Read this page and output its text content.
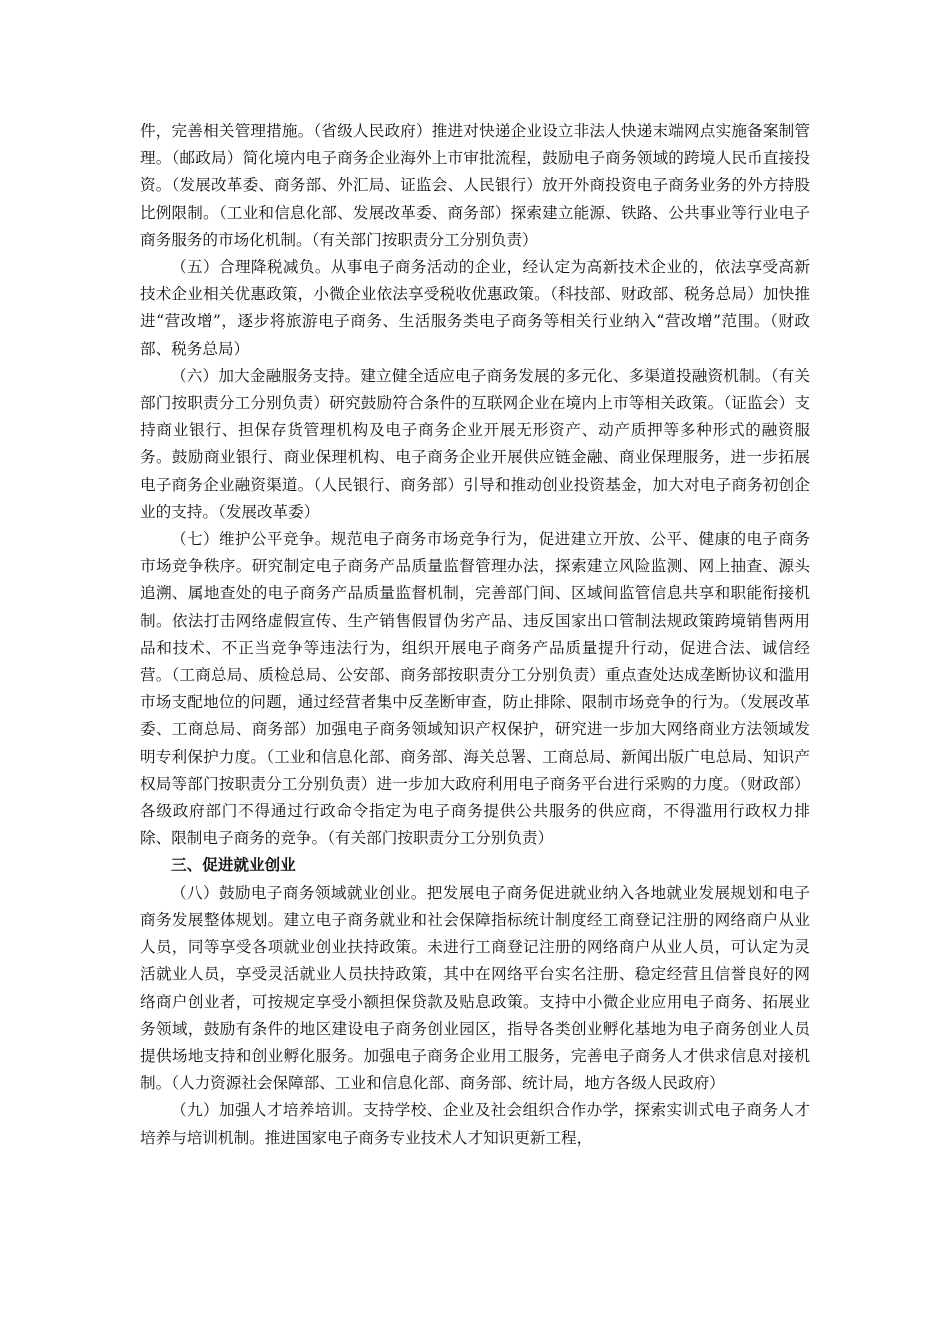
件，完善相关管理措施。（省级人民政府）推进对快递企业设立非法人快递末端网点实施备案制管理。（邮政局）简化境内电子商务企业海外上市审批流程，鼓励电子商务领域的跨境人民币直接投资。（发展改革委、商务部、外汇局、证监会、人民银行）放开外商投资电子商务业务的外方持股比例限制。（工业和信息化部、发展改革委、商务部）探索建立能源、铁路、公共事业等行业电子商务服务的市场化机制。（有关部门按职责分工分别负责）

（五）合理降税减负。从事电子商务活动的企业，经认定为高新技术企业的，依法享受高新技术企业相关优惠政策，小微企业依法享受税收优惠政策。（科技部、财政部、税务总局）加快推进“营改增”，逐步将旅游电子商务、生活服务类电子商务等相关行业纳入“营改增”范围。（财政部、税务总局）

（六）加大金融服务支持。建立健全适应电子商务发展的多元化、多渠道投融资机制。（有关部门按职责分工分别负责）研究鼓励符合条件的互联网企业在境内上市等相关政策。（证监会）支持商业银行、担保存货管理机构及电子商务企业开展无形资产、动产质押等多种形式的融资服务。鼓励商业银行、商业保理机构、电子商务企业开展供应链金融、商业保理服务，进一步拓展电子商务企业融资渠道。（人民银行、商务部）引导和推动创业投资基金，加大对电子商务初创企业的支持。（发展改革委）

（七）维护公平竞争。规范电子商务市场竞争行为，促进建立开放、公平、健康的电子商务市场竞争秩序。研究制定电子商务产品质量监督管理办法，探索建立风险监测、网上抽查、源头追溯、属地查处的电子商务产品质量监督机制，完善部门间、区域间监管信息共享和职能衔接机制。依法打击网络虚假宣传、生产销售假冒伪劣产品、违反国家出口管制法规政策跨境销售两用品和技术、不正当竞争等违法行为，组织开展电子商务产品质量提升行动，促进合法、诚信经营。（工商总局、质检总局、公安部、商务部按职责分工分别负责）重点查处达成垄断协议和滥用市场支配地位的问题，通过经营者集中反垄断审查，防止排除、限制市场竞争的行为。（发展改革委、工商总局、商务部）加强电子商务领域知识产权保护，研究进一步加大网络商业方法领域发明专利保护力度。（工业和信息化部、商务部、海关总署、工商总局、新闻出版广电总局、知识产权局等部门按职责分工分别负责）进一步加大政府利用电子商务平台进行采购的力度。（财政部）各级政府部门不得通过行政命令指定为电子商务提供公共服务的供应商，不得滥用行政权力排除、限制电子商务的竞争。（有关部门按职责分工分别负责）

三、促进就业创业

（八）鼓励电子商务领域就业创业。把发展电子商务促进就业纳入各地就业发展规划和电子商务发展整体规划。建立电子商务就业和社会保障指标统计制度经工商登记注册的网络商户从业人员，同等享受各项就业创业扶持政策。未进行工商登记注册的网络商户从业人员，可认定为灵活就业人员，享受灵活就业人员扶持政策，其中在网络平台实名注册、稳定经营且信誉良好的网络商户创业者，可按规定享受小额担保贷款及贴息政策。支持中小微企业应用电子商务、拓展业务领域，鼓励有条件的地区建设电子商务创业园区，指导各类创业孵化基地为电子商务创业人员提供场地支持和创业孵化服务。加强电子商务企业用工服务，完善电子商务人才供求信息对接机制。（人力资源社会保障部、工业和信息化部、商务部、统计局，地方各级人民政府）

（九）加强人才培养培训。支持学校、企业及社会组织合作办学，探索实训式电子商务人才培养与培训机制。推进国家电子商务专业技术人才知识更新工程，
